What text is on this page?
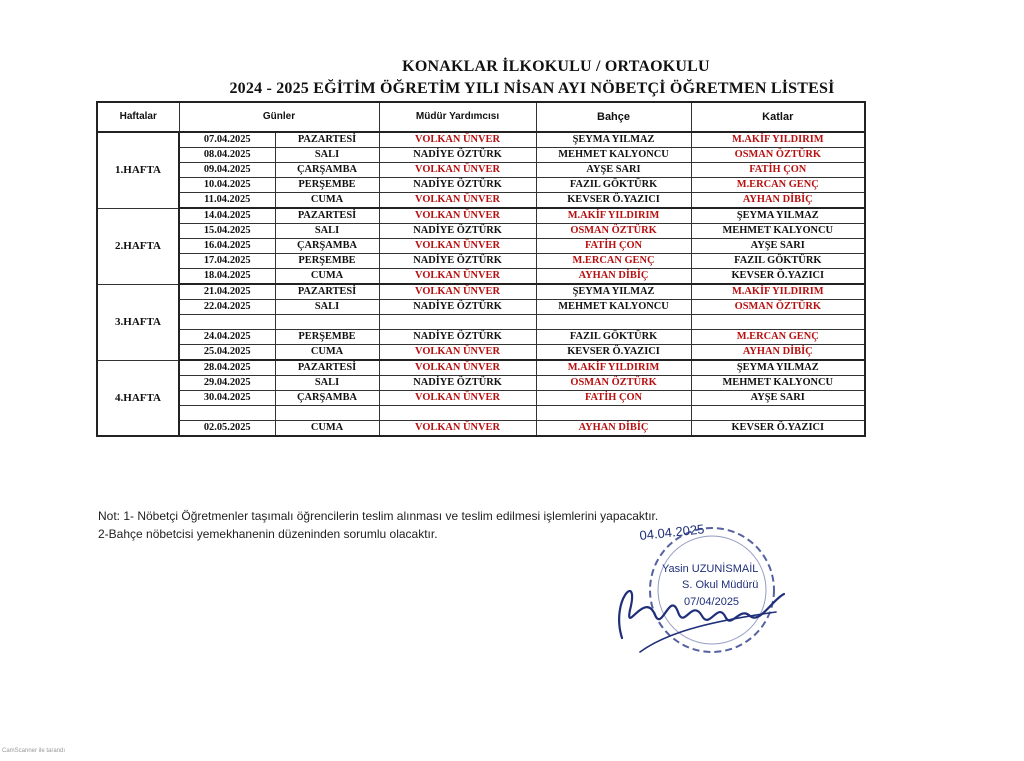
KONAKLAR İLKOKULU / ORTAOKULU
2024 - 2025 EĞİTİM ÖĞRETİM YILI NİSAN AYI NÖBETÇİ ÖĞRETMEN LİSTESİ
Haftalar	Günler		Müdür Yardımcısı	Bahçe	Katlar
1.HAFTA	07.04.2025	PAZARTESİ	VOLKAN ÜNVER	ŞEYMA YILMAZ	M.AKİF YILDIRIM
	08.04.2025	SALI	NADİYE ÖZTÜRK	MEHMET KALYONCU	OSMAN ÖZTÜRK
	09.04.2025	ÇARŞAMBA	VOLKAN ÜNVER	AYŞE SARI	FATİH ÇON
	10.04.2025	PERŞEMBE	NADİYE ÖZTÜRK	FAZIL GÖKTÜRK	M.ERCAN GENÇ
	11.04.2025	CUMA	VOLKAN ÜNVER	KEVSER Ö.YAZICI	AYHAN DİBİÇ
2.HAFTA	14.04.2025	PAZARTESİ	VOLKAN ÜNVER	M.AKİF YILDIRIM	ŞEYMA YILMAZ
	15.04.2025	SALI	NADİYE ÖZTÜRK	OSMAN ÖZTÜRK	MEHMET KALYONCU
	16.04.2025	ÇARŞAMBA	VOLKAN ÜNVER	FATİH ÇON	AYŞE SARI
	17.04.2025	PERŞEMBE	NADİYE ÖZTÜRK	M.ERCAN GENÇ	FAZIL GÖKTÜRK
	18.04.2025	CUMA	VOLKAN ÜNVER	AYHAN DİBİÇ	KEVSER Ö.YAZICI
3.HAFTA	21.04.2025	PAZARTESİ	VOLKAN ÜNVER	ŞEYMA YILMAZ	M.AKİF YILDIRIM
	22.04.2025	SALI	NADİYE ÖZTÜRK	MEHMET KALYONCU	OSMAN ÖZTÜRK

	24.04.2025	PERŞEMBE	NADİYE ÖZTÜRK	FAZIL GÖKTÜRK	M.ERCAN GENÇ
	25.04.2025	CUMA	VOLKAN ÜNVER	KEVSER Ö.YAZICI	AYHAN DİBİÇ
4.HAFTA	28.04.2025	PAZARTESİ	VOLKAN ÜNVER	M.AKİF YILDIRIM	ŞEYMA YILMAZ
	29.04.2025	SALI	NADİYE ÖZTÜRK	OSMAN ÖZTÜRK	MEHMET KALYONCU
	30.04.2025	ÇARŞAMBA	VOLKAN ÜNVER	FATİH ÇON	AYŞE SARI

	02.05.2025	CUMA	VOLKAN ÜNVER	AYHAN DİBİÇ	KEVSER Ö.YAZICI
Not: 1- Nöbetçi Öğretmenler taşımalı öğrencilerin teslim alınması ve teslim edilmesi işlemlerini yapacaktır.
2-Bahçe nöbetcisi yemekhanenin düzeninden sorumlu olacaktır.	04.04.2025
Yasin UZUNİSMAİL
S. Okul Müdürü
07/04/2025
CamScanner ile tarandı
